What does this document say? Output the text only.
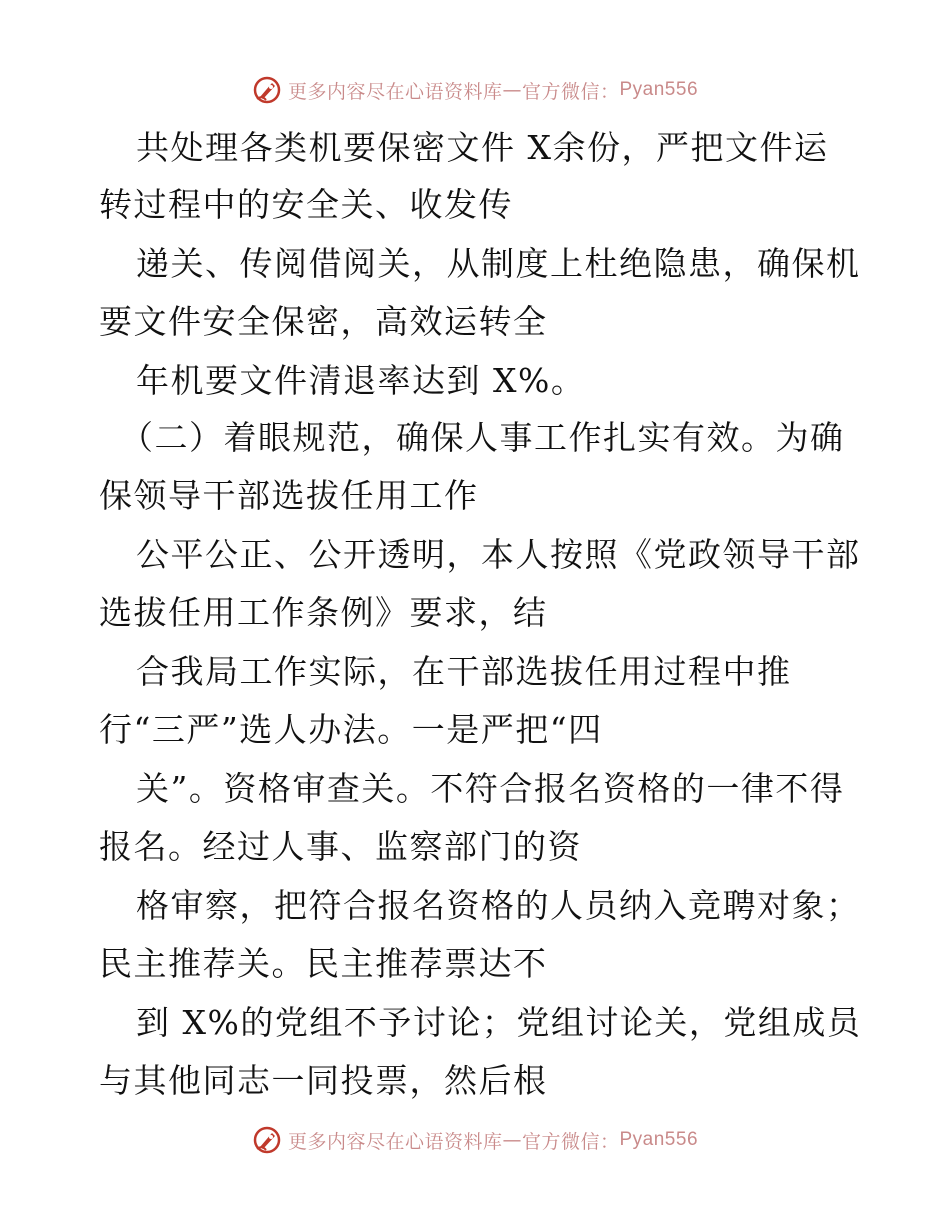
更多内容尽在心语资料库 — 官方微信： Pyan556
共处理各类机要保密文件 X余份，严把文件运
转过程中的安全关、收发传
递关、传阅借阅关，从制度上杜绝隐患，确保机
要文件安全保密，高效运转全
年机要文件清退率达到 X%。
（二）着眼规范，确保人事工作扎实有效。为确
保领导干部选拔任用工作
公平公正、公开透明，本人按照《党政领导干部
选拔任用工作条例》要求，结
合我局工作实际，在干部选拔任用过程中推
行“三严”选人办法。一是严把“四
关”。资格审查关。不符合报名资格的一律不得
报名。经过人事、监察部门的资
格审察，把符合报名资格的人员纳入竞聘对象；
民主推荐关。民主推荐票达不
到 X%的党组不予讨论；党组讨论关，党组成员
与其他同志一同投票，然后根
更多内容尽在心语资料库 — 官方微信： Pyan556
